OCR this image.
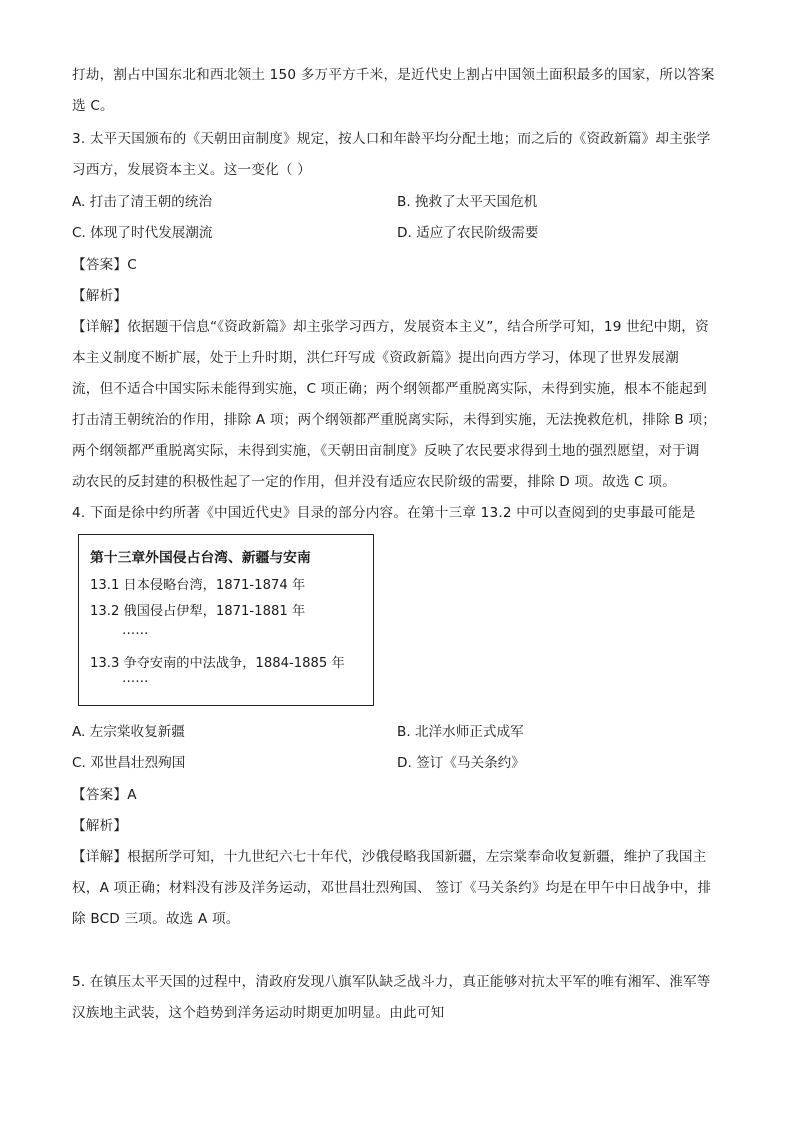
打劫，割占中国东北和西北领土 150 多万平方千米，是近代史上割占中国领土面积最多的国家，所以答案
选 C。
3. 太平天国颁布的《天朝田亩制度》规定，按人口和年龄平均分配土地；而之后的《资政新篇》却主张学
习西方，发展资本主义。这一变化（ ）
A. 打击了清王朝的统治	B. 挽救了太平天国危机
C. 体现了时代发展潮流	D. 适应了农民阶级需要
【答案】C
【解析】
【详解】依据题干信息“《资政新篇》却主张学习西方，发展资本主义”，结合所学可知，19 世纪中期，资
本主义制度不断扩展，处于上升时期，洪仁玕写成《资政新篇》提出向西方学习，体现了世界发展潮
流，但不适合中国实际未能得到实施，C 项正确；两个纲领都严重脱离实际，未得到实施，根本不能起到
打击清王朝统治的作用，排除 A 项；两个纲领都严重脱离实际，未得到实施，无法挽救危机，排除 B 项；
两个纲领都严重脱离实际，未得到实施，《天朝田亩制度》反映了农民要求得到土地的强烈愿望，对于调
动农民的反封建的积极性起了一定的作用，但并没有适应农民阶级的需要，排除 D 项。故选 C 项。
4. 下面是徐中约所著《中国近代史》目录的部分内容。在第十三章 13.2 中可以查阅到的史事最可能是
第十三章外国侵占台湾、新疆与安南
13.1 日本侵略台湾，1871-1874 年
13.2 俄国侵占伊犁，1871-1881 年
……
13.3 争夺安南的中法战争，1884-1885 年
……
A. 左宗棠收复新疆	B. 北洋水师正式成军
C. 邓世昌壮烈殉国	D. 签订《马关条约》
【答案】A
【解析】
【详解】根据所学可知，十九世纪六七十年代，沙俄侵略我国新疆，左宗棠奉命收复新疆，维护了我国主
权，A 项正确；材料没有涉及洋务运动，邓世昌壮烈殉国、 签订《马关条约》均是在甲午中日战争中，排
除 BCD 三项。故选 A 项。
5. 在镇压太平天国的过程中，清政府发现八旗军队缺乏战斗力，真正能够对抗太平军的唯有湘军、淮军等
汉族地主武装，这个趋势到洋务运动时期更加明显。由此可知
